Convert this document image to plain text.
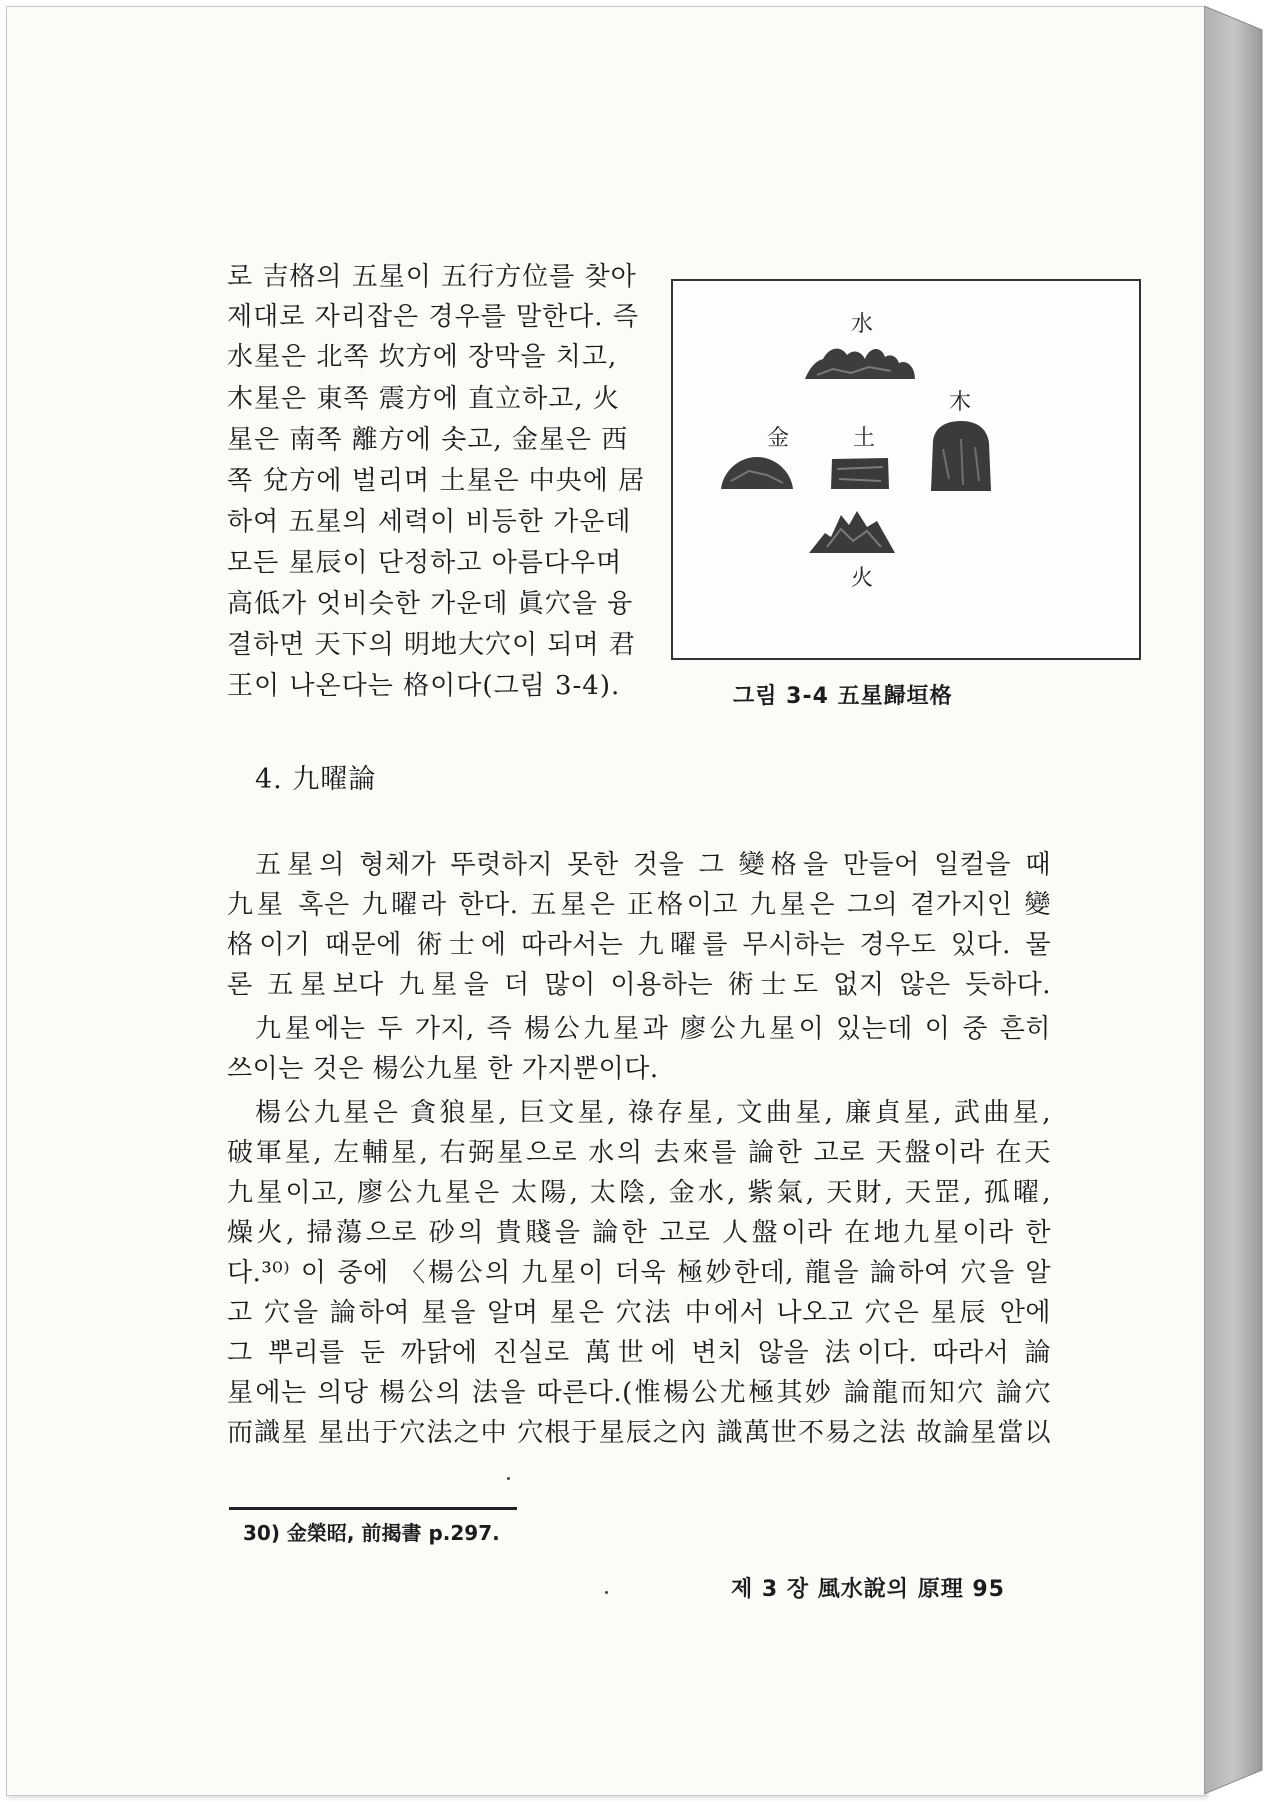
로 吉格의 五星이 五行方位를 찾아
제대로 자리잡은 경우를 말한다. 즉
水星은 北쪽 坎方에 장막을 치고,
木星은 東쪽 震方에 直立하고, 火
星은 南쪽 離方에 솟고, 金星은 西
쪽 兌方에 벌리며 土星은 中央에 居
하여 五星의 세력이 비등한 가운데
모든 星辰이 단정하고 아름다우며
高低가 엇비슷한 가운데 眞穴을 융
결하면 天下의 明地大穴이 되며 君
王이 나온다는 格이다(그림 3-4).
水
木
金	土
火
그림 3-4 五星歸垣格
4. 九曜論
五星의 형체가 뚜렷하지 못한 것을 그 變格을 만들어 일컬을 때
九星 혹은 九曜라 한다. 五星은 正格이고 九星은 그의 곁가지인 變
格이기 때문에 術士에 따라서는 九曜를 무시하는 경우도 있다. 물
론 五星보다 九星을 더 많이 이용하는 術士도 없지 않은 듯하다.
九星에는 두 가지, 즉 楊公九星과 廖公九星이 있는데 이 중 흔히
쓰이는 것은 楊公九星 한 가지뿐이다.
楊公九星은 貪狼星, 巨文星, 祿存星, 文曲星, 廉貞星, 武曲星,
破軍星, 左輔星, 右弼星으로 水의 去來를 論한 고로 天盤이라 在天
九星이고, 廖公九星은 太陽, 太陰, 金水, 紫氣, 天財, 天罡, 孤曜,
燥火, 掃蕩으로 砂의 貴賤을 論한 고로 人盤이라 在地九星이라 한
다.³⁰⁾ 이 중에 〈楊公의 九星이 더욱 極妙한데, 龍을 論하여 穴을 알
고 穴을 論하여 星을 알며 星은 穴法 中에서 나오고 穴은 星辰 안에
그 뿌리를 둔 까닭에 진실로 萬世에 변치 않을 法이다. 따라서 論
星에는 의당 楊公의 法을 따른다.(惟楊公尤極其妙 論龍而知穴 論穴
而識星 星出于穴法之中 穴根于星辰之內 識萬世不易之法 故論星當以
30) 金榮昭, 前揭書 p.297.
제 3 장 風水說의 原理 95
